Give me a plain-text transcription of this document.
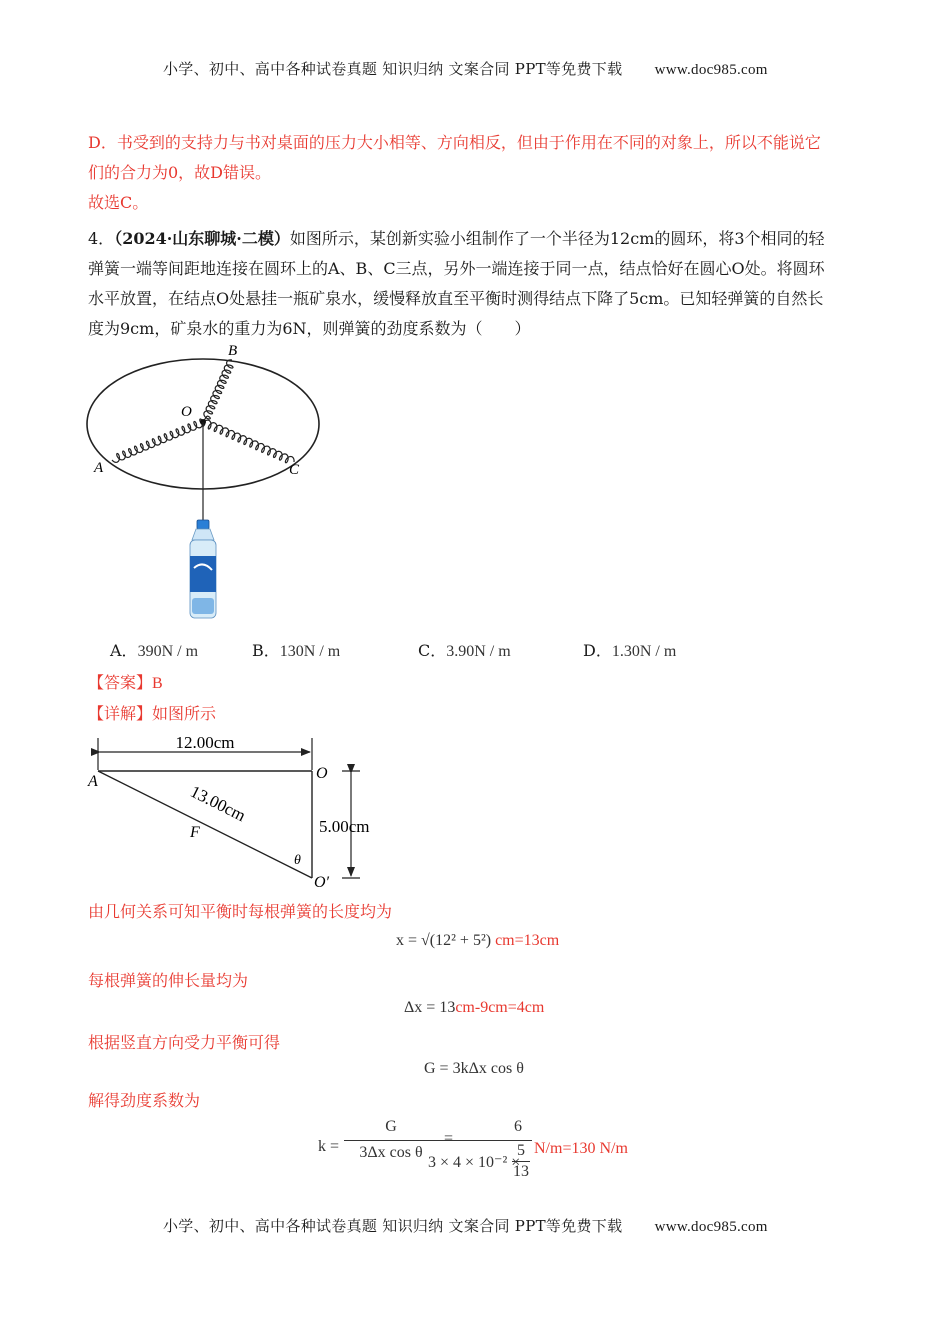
小学、初中、高中各种试卷真题 知识归纳 文案合同 PPT等免费下载 www.doc985.com
D．书受到的支持力与书对桌面的压力大小相等、方向相反，但由于作用在不同的对象上，所以不能说它
们的合力为0，故D错误。
故选C。
4．（2024·山东聊城·二模）如图所示，某创新实验小组制作了一个半径为12cm的圆环，将3个相同的轻
弹簧一端等间距地连接在圆环上的A、B、C三点，另外一端连接于同一点，结点恰好在圆心O处。将圆环
水平放置，在结点O处悬挂一瓶矿泉水，缓慢释放直至平衡时测得结点下降了5cm。已知轻弹簧的自然长
度为9cm，矿泉水的重力为6N，则弹簧的劲度系数为（　　）
B
O
A	C
A．390N / m	B．130N / m	C．3.90N / m	D．1.30N / m
【答案】B
【详解】如图所示
12.00cm
13.00cm
F
θ
A	O
O′
5.00cm
由几何关系可知平衡时每根弹簧的长度均为
x = √(12² + 5²) cm=13cm
每根弹簧的伸长量均为
Δx = 13cm-9cm=4cm
根据竖直方向受力平衡可得
G = 3kΔx cos θ
解得劲度系数为
k =
G
3Δx cos θ
=
6
3 × 4 × 10⁻² ×
5
13
N/m=130 N/m
小学、初中、高中各种试卷真题 知识归纳 文案合同 PPT等免费下载 www.doc985.com
